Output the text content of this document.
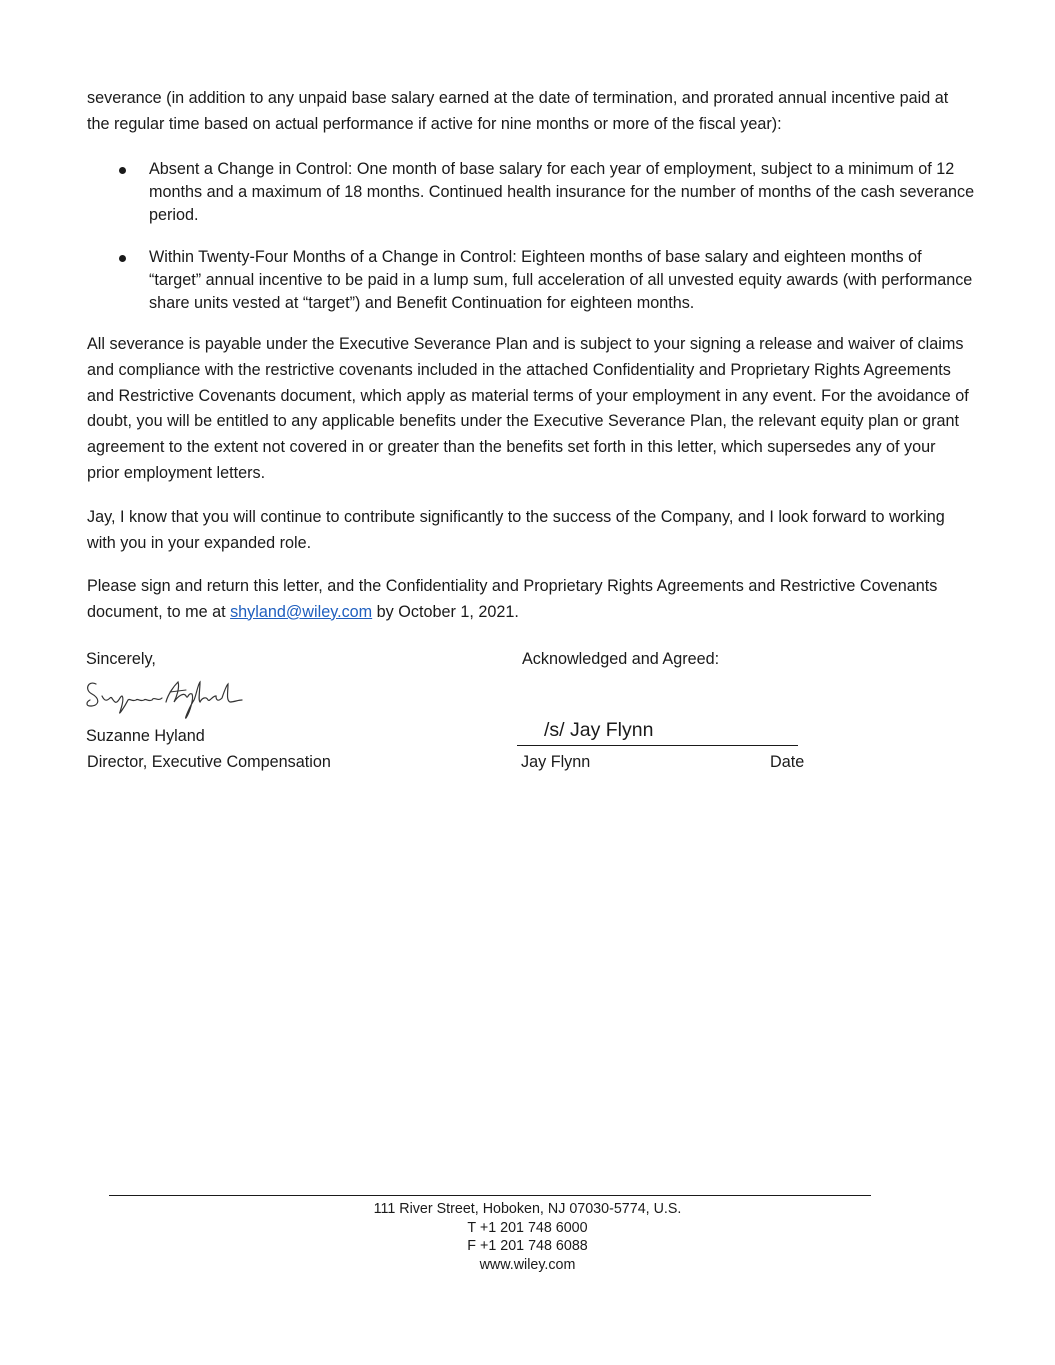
severance (in addition to any unpaid base salary earned at the date of termination, and prorated annual incentive paid at the regular time based on actual performance if active for nine months or more of the fiscal year):

Absent a Change in Control: One month of base salary for each year of employment, subject to a minimum of 12 months and a maximum of 18 months. Continued health insurance for the number of months of the cash severance period.
Within Twenty-Four Months of a Change in Control: Eighteen months of base salary and eighteen months of “target” annual incentive to be paid in a lump sum, full acceleration of all unvested equity awards (with performance share units vested at “target”) and Benefit Continuation for eighteen months.

All severance is payable under the Executive Severance Plan and is subject to your signing a release and waiver of claims and compliance with the restrictive covenants included in the attached Confidentiality and Proprietary Rights Agreements and Restrictive Covenants document, which apply as material terms of your employment in any event. For the avoidance of doubt, you will be entitled to any applicable benefits under the Executive Severance Plan, the relevant equity plan or grant agreement to the extent not covered in or greater than the benefits set forth in this letter, which supersedes any of your prior employment letters.

Jay, I know that you will continue to contribute significantly to the success of the Company, and I look forward to working with you in your expanded role.

Please sign and return this letter, and the Confidentiality and Proprietary Rights Agreements and Restrictive Covenants document, to me at shyland@wiley.com by October 1, 2021.

Sincerely,
Suzanne Hyland
Director, Executive Compensation
Acknowledged and Agreed:
/s/ Jay Flynn
Jay Flynn	Date
111 River Street, Hoboken, NJ 07030-5774, U.S.
T +1 201 748 6000
F +1 201 748 6088
www.wiley.com
